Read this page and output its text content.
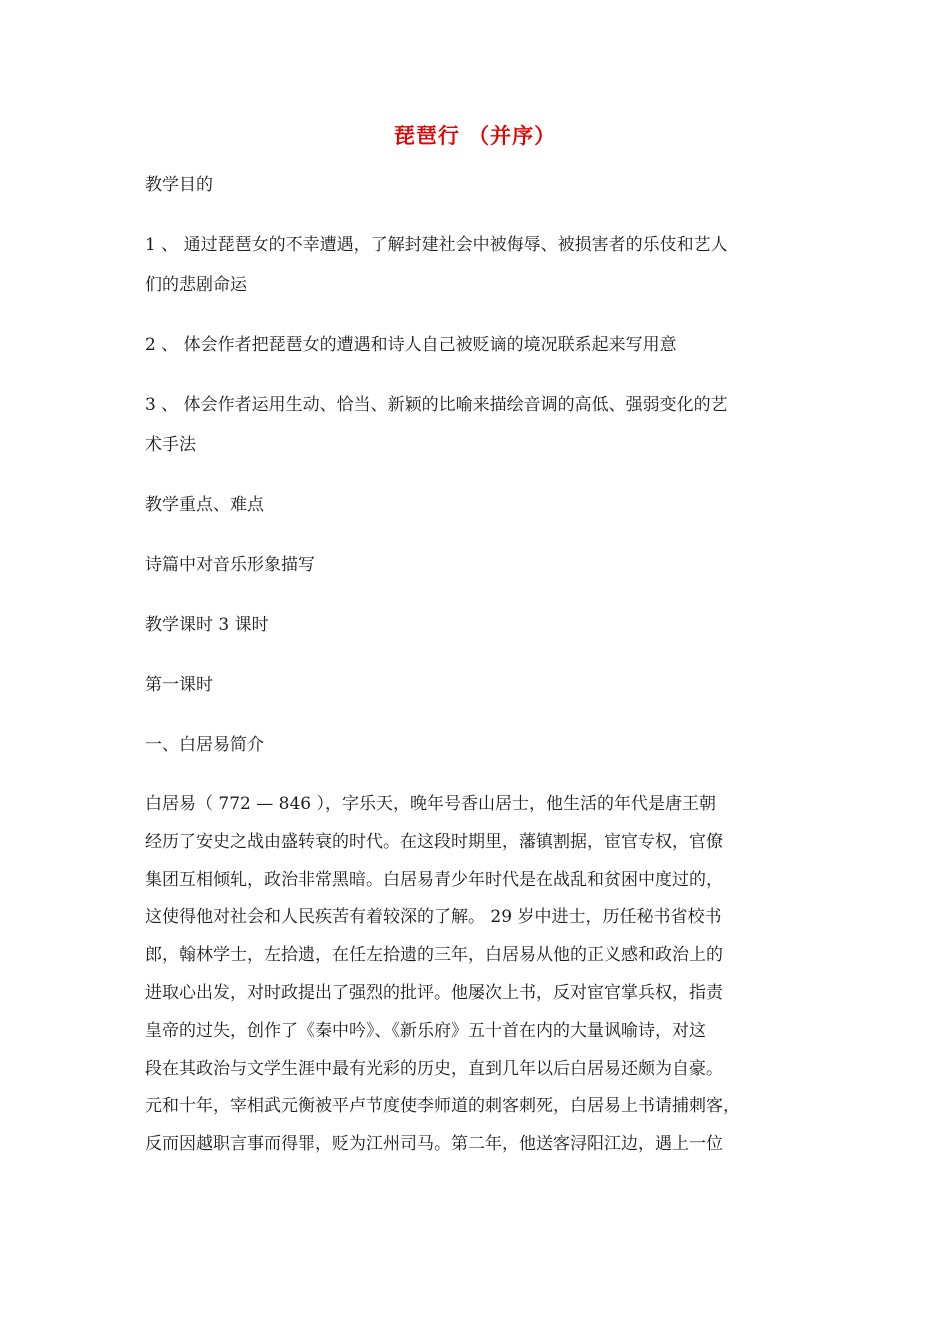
琵琶行 （并序）
教学目的
1 、 通过琵琶女的不幸遭遇，了解封建社会中被侮辱、被损害者的乐伎和艺人
们的悲剧命运
2 、 体会作者把琵琶女的遭遇和诗人自己被贬谪的境况联系起来写用意
3 、 体会作者运用生动、恰当、新颖的比喻来描绘音调的高低、强弱变化的艺
术手法
教学重点、难点
诗篇中对音乐形象描写
教学课时 3 课时
第一课时
一、白居易简介
白居易（ 772 — 846 ），字乐天，晚年号香山居士，他生活的年代是唐王朝
经历了安史之战由盛转衰的时代。在这段时期里，藩镇割据，宦官专权，官僚
集团互相倾轧，政治非常黑暗。白居易青少年时代是在战乱和贫困中度过的，
这使得他对社会和人民疾苦有着较深的了解。 29 岁中进士，历任秘书省校书
郎，翰林学士，左拾遗，在任左拾遗的三年，白居易从他的正义感和政治上的
进取心出发，对时政提出了强烈的批评。他屡次上书，反对宦官掌兵权，指责
皇帝的过失，创作了《秦中吟》、《新乐府》五十首在内的大量讽喻诗，对这
段在其政治与文学生涯中最有光彩的历史，直到几年以后白居易还颇为自豪。
元和十年，宰相武元衡被平卢节度使李师道的刺客刺死，白居易上书请捕刺客，
反而因越职言事而得罪，贬为江州司马。第二年，他送客浔阳江边，遇上一位
